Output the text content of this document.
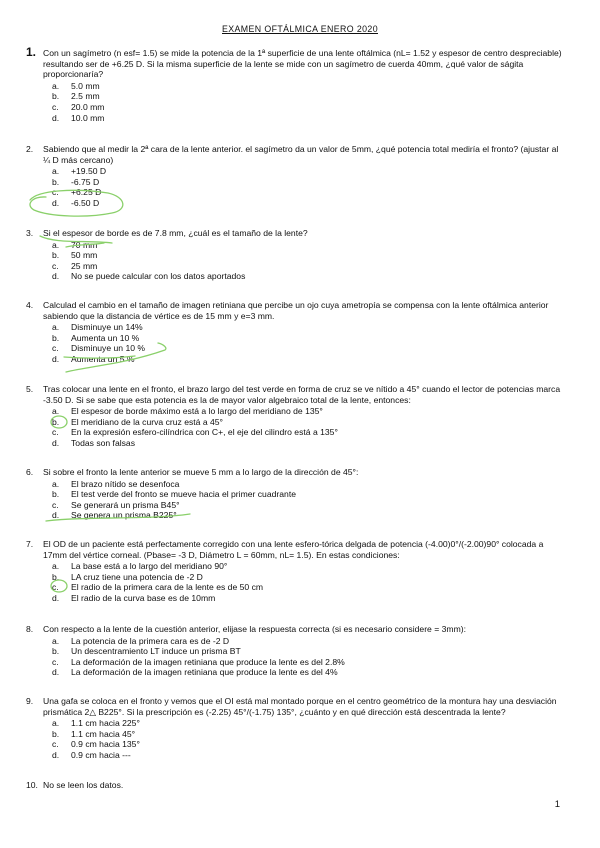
EXAMEN OFTÁLMICA ENERO 2020
1. Con un sagímetro (n esf= 1.5) se mide la potencia de la 1ª superficie de una lente oftálmica (nL= 1.52 y espesor de centro despreciable) resultando ser de +6.25 D. Si la misma superficie de la lente se mide con un sagímetro de cuerda 40mm, ¿qué valor de ságita proporcionaría?
a. 5.0 mm
b. 2.5 mm
c. 20.0 mm
d. 10.0 mm
2. Sabiendo que al medir la 2ª cara de la lente anterior. el sagímetro da un valor de 5mm, ¿qué potencia total mediría el fronto? (ajustar al ¼ D más cercano)
a. +19.50 D
b. -6.75 D
c. +6.25 D
d. -6.50 D
3. Si el espesor de borde es de 7.8 mm, ¿cuál es el tamaño de la lente?
a. 70 mm
b. 50 mm
c. 25 mm
d. No se puede calcular con los datos aportados
4. Calculad el cambio en el tamaño de imagen retiniana que percibe un ojo cuya ametropía se compensa con la lente oftálmica anterior sabiendo que la distancia de vértice es de 15 mm y e=3 mm.
a. Disminuye un 14%
b. Aumenta un 10 %
c. Disminuye un 10 %
d. Aumenta un 5 %
5. Tras colocar una lente en el fronto, el brazo largo del test verde en forma de cruz se ve nítido a 45° cuando el lector de potencias marca -3.50 D. Si se sabe que esta potencia es la de mayor valor algebraico total de la lente, entonces:
a. El espesor de borde máximo está a lo largo del meridiano de 135°
b. El meridiano de la curva cruz está a 45°
c. En la expresión esfero-cilíndrica con C+, el eje del cilindro está a 135°
d. Todas son falsas
6. Si sobre el fronto la lente anterior se mueve 5 mm a lo largo de la dirección de 45°:
a. El brazo nítido se desenfoca
b. El test verde del fronto se mueve hacia el primer cuadrante
c. Se generará un prisma B45°
d. Se genera un prisma B225°
7. El OD de un paciente está perfectamente corregido con una lente esfero-tórica delgada de potencia (-4.00)0°/(-2.00)90° colocada a 17mm del vértice corneal. (Pbase= -3 D, Diámetro L = 60mm, nL= 1.5). En estas condiciones:
a. La base está a lo largo del meridiano 90°
b. LA cruz tiene una potencia de -2 D
c. El radio de la primera cara de la lente es de 50 cm
d. El radio de la curva base es de 10mm
8. Con respecto a la lente de la cuestión anterior, elijase la respuesta correcta (si es necesario considere = 3mm):
a. La potencia de la primera cara es de -2 D
b. Un descentramiento LT induce un prisma BT
c. La deformación de la imagen retiniana que produce la lente es del 2.8%
d. La deformación de la imagen retiniana que produce la lente es del 4%
9. Una gafa se coloca en el fronto y vemos que el OI está mal montado porque en el centro geométrico de la montura hay una desviación prismática 2△ B225°. Si la prescripción es (-2.25) 45°/(-1.75) 135°, ¿cuánto y en qué dirección está descentrada la lente?
a. 1.1 cm hacia 225°
b. 1.1 cm hacia 45°
c. 0.9 cm hacia 135°
d. 0.9 cm hacia ---
10. No se leen los datos.
1
